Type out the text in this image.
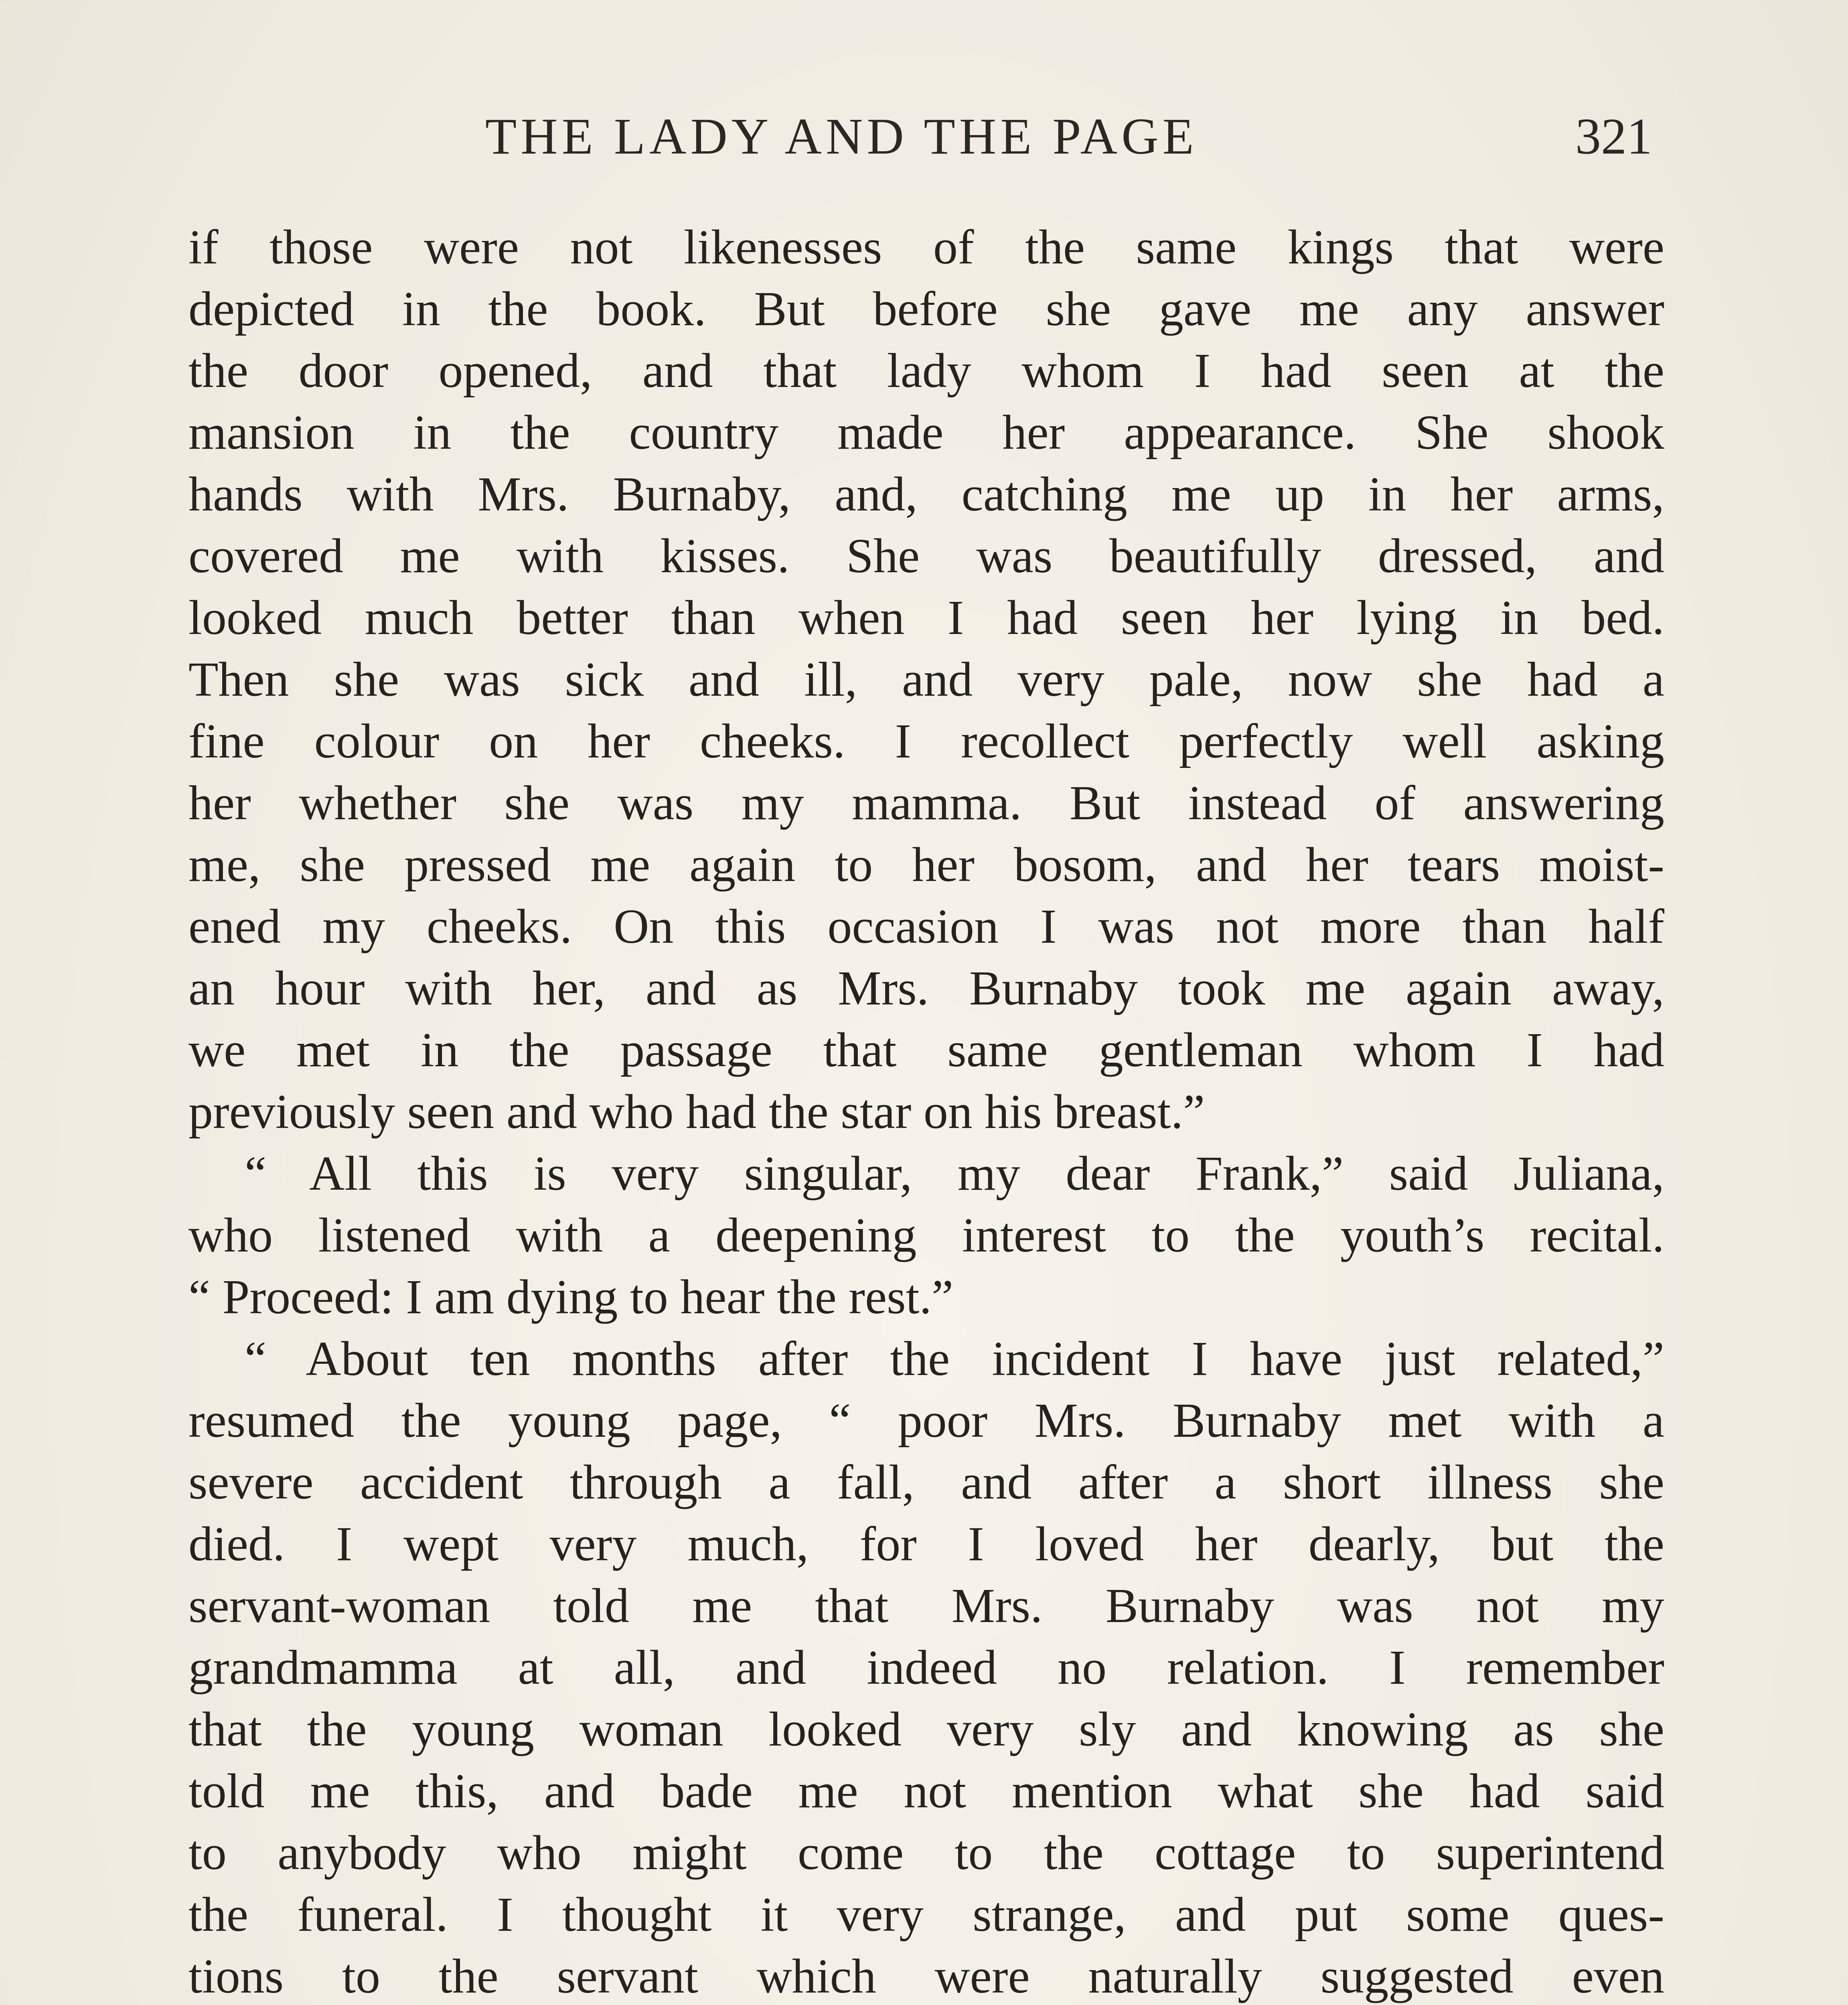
THE LADY AND THE PAGE	321
if those were not likenesses of the same kings that were
depicted in the book. But before she gave me any answer
the door opened, and that lady whom I had seen at the
mansion in the country made her appearance. She shook
hands with Mrs. Burnaby, and, catching me up in her arms,
covered me with kisses. She was beautifully dressed, and
looked much better than when I had seen her lying in bed.
Then she was sick and ill, and very pale, now she had a
fine colour on her cheeks. I recollect perfectly well asking
her whether she was my mamma. But instead of answering
me, she pressed me again to her bosom, and her tears moist-
ened my cheeks. On this occasion I was not more than half
an hour with her, and as Mrs. Burnaby took me again away,
we met in the passage that same gentleman whom I had
previously seen and who had the star on his breast.”
“ All this is very singular, my dear Frank,” said Juliana,
who listened with a deepening interest to the youth’s recital.
“ Proceed: I am dying to hear the rest.”
“ About ten months after the incident I have just related,”
resumed the young page, “ poor Mrs. Burnaby met with a
severe accident through a fall, and after a short illness she
died. I wept very much, for I loved her dearly, but the
servant-woman told me that Mrs. Burnaby was not my
grandmamma at all, and indeed no relation. I remember
that the young woman looked very sly and knowing as she
told me this, and bade me not mention what she had said
to anybody who might come to the cottage to superintend
the funeral. I thought it very strange, and put some ques-
tions to the servant which were naturally suggested even
